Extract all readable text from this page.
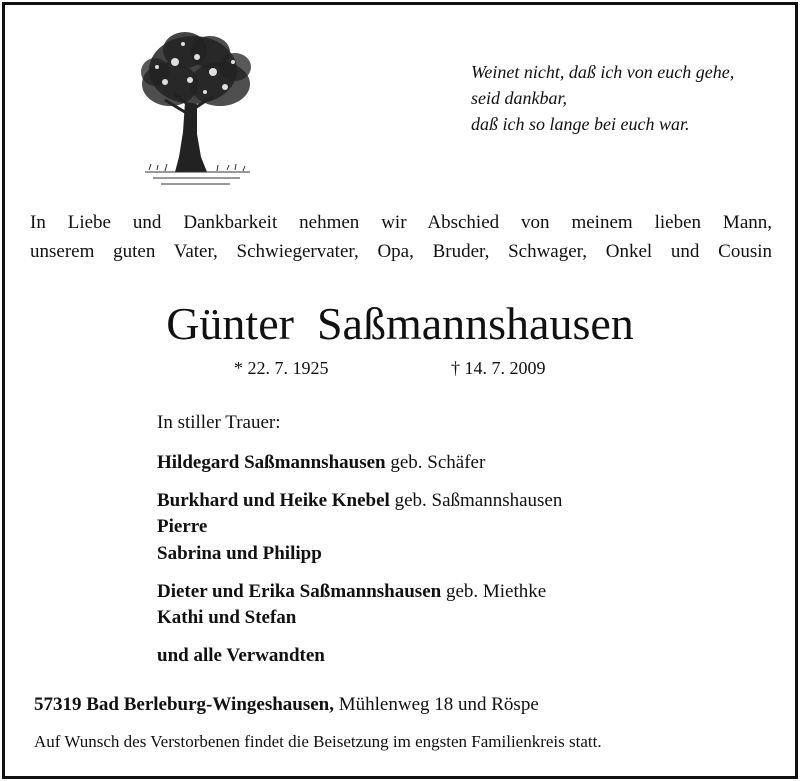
Weinet nicht, daß ich von euch gehe,
seid dankbar,
daß ich so lange bei euch war.
In Liebe und Dankbarkeit nehmen wir Abschied von meinem lieben Mann,
unserem guten Vater, Schwiegervater, Opa, Bruder, Schwager, Onkel und Cousin
Günter  Saßmannshausen
* 22. 7. 1925	† 14. 7. 2009
In stiller Trauer:
Hildegard Saßmannshausen geb. Schäfer
Burkhard und Heike Knebel geb. Saßmannshausen
Pierre
Sabrina und Philipp
Dieter und Erika Saßmannshausen geb. Miethke
Kathi und Stefan
und alle Verwandten
57319 Bad Berleburg-Wingeshausen, Mühlenweg 18 und Röspe
Auf Wunsch des Verstorbenen findet die Beisetzung im engsten Familienkreis statt.
